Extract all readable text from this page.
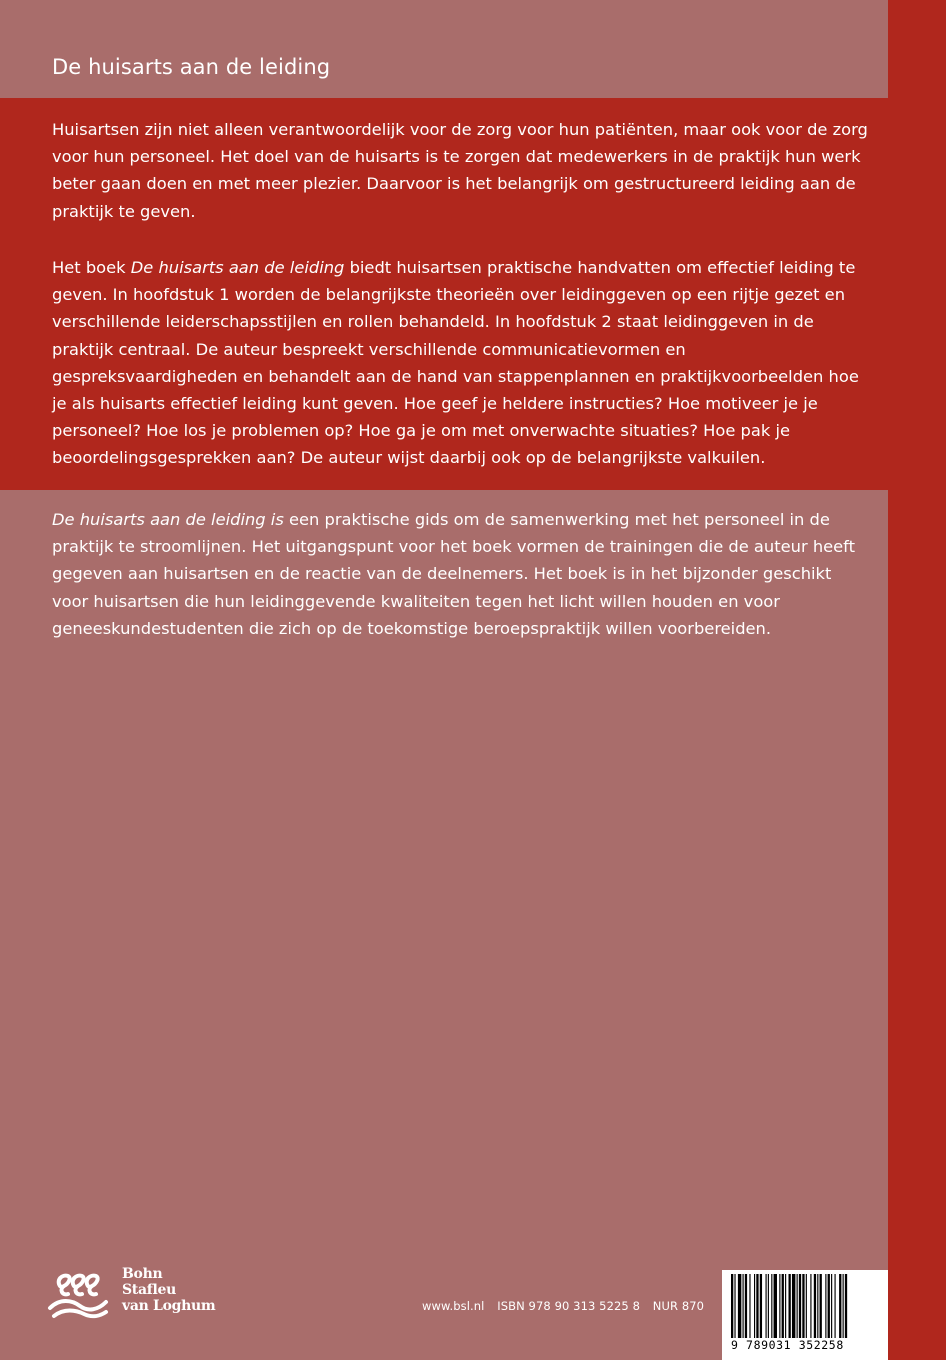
De huisarts aan de leiding

Huisartsen zijn niet alleen verantwoordelijk voor de zorg voor hun patiënten, maar ook voor de zorg voor hun personeel. Het doel van de huisarts is te zorgen dat medewerkers in de praktijk hun werk beter gaan doen en met meer plezier. Daarvoor is het belangrijk om gestructureerd leiding aan de praktijk te geven.

Het boek De huisarts aan de leiding biedt huisartsen praktische handvatten om effectief leiding te geven. In hoofdstuk 1 worden de belangrijkste theorieën over leidinggeven op een rijtje gezet en verschillende leiderschapsstijlen en rollen behandeld. In hoofdstuk 2 staat leidinggeven in de praktijk centraal. De auteur bespreekt verschillende communicatievormen en gespreksvaardigheden en behandelt aan de hand van stappenplannen en praktijkvoorbeelden hoe je als huisarts effectief leiding kunt geven. Hoe geef je heldere instructies? Hoe motiveer je je personeel? Hoe los je problemen op? Hoe ga je om met onverwachte situaties? Hoe pak je beoordelingsgesprekken aan? De auteur wijst daarbij ook op de belangrijkste valkuilen.

De huisarts aan de leiding is een praktische gids om de samenwerking met het personeel in de praktijk te stroomlijnen. Het uitgangspunt voor het boek vormen de trainingen die de auteur heeft gegeven aan huisartsen en de reactie van de deelnemers. Het boek is in het bijzonder geschikt voor huisartsen die hun leidinggevende kwaliteiten tegen het licht willen houden en voor geneeskundestudenten die zich op de toekomstige beroepspraktijk willen voorbereiden.

Bohn
Stafleu
van Loghum	www.bsl.nl ISBN 978 90 313 5225 8 NUR 870
9 789031 352258
